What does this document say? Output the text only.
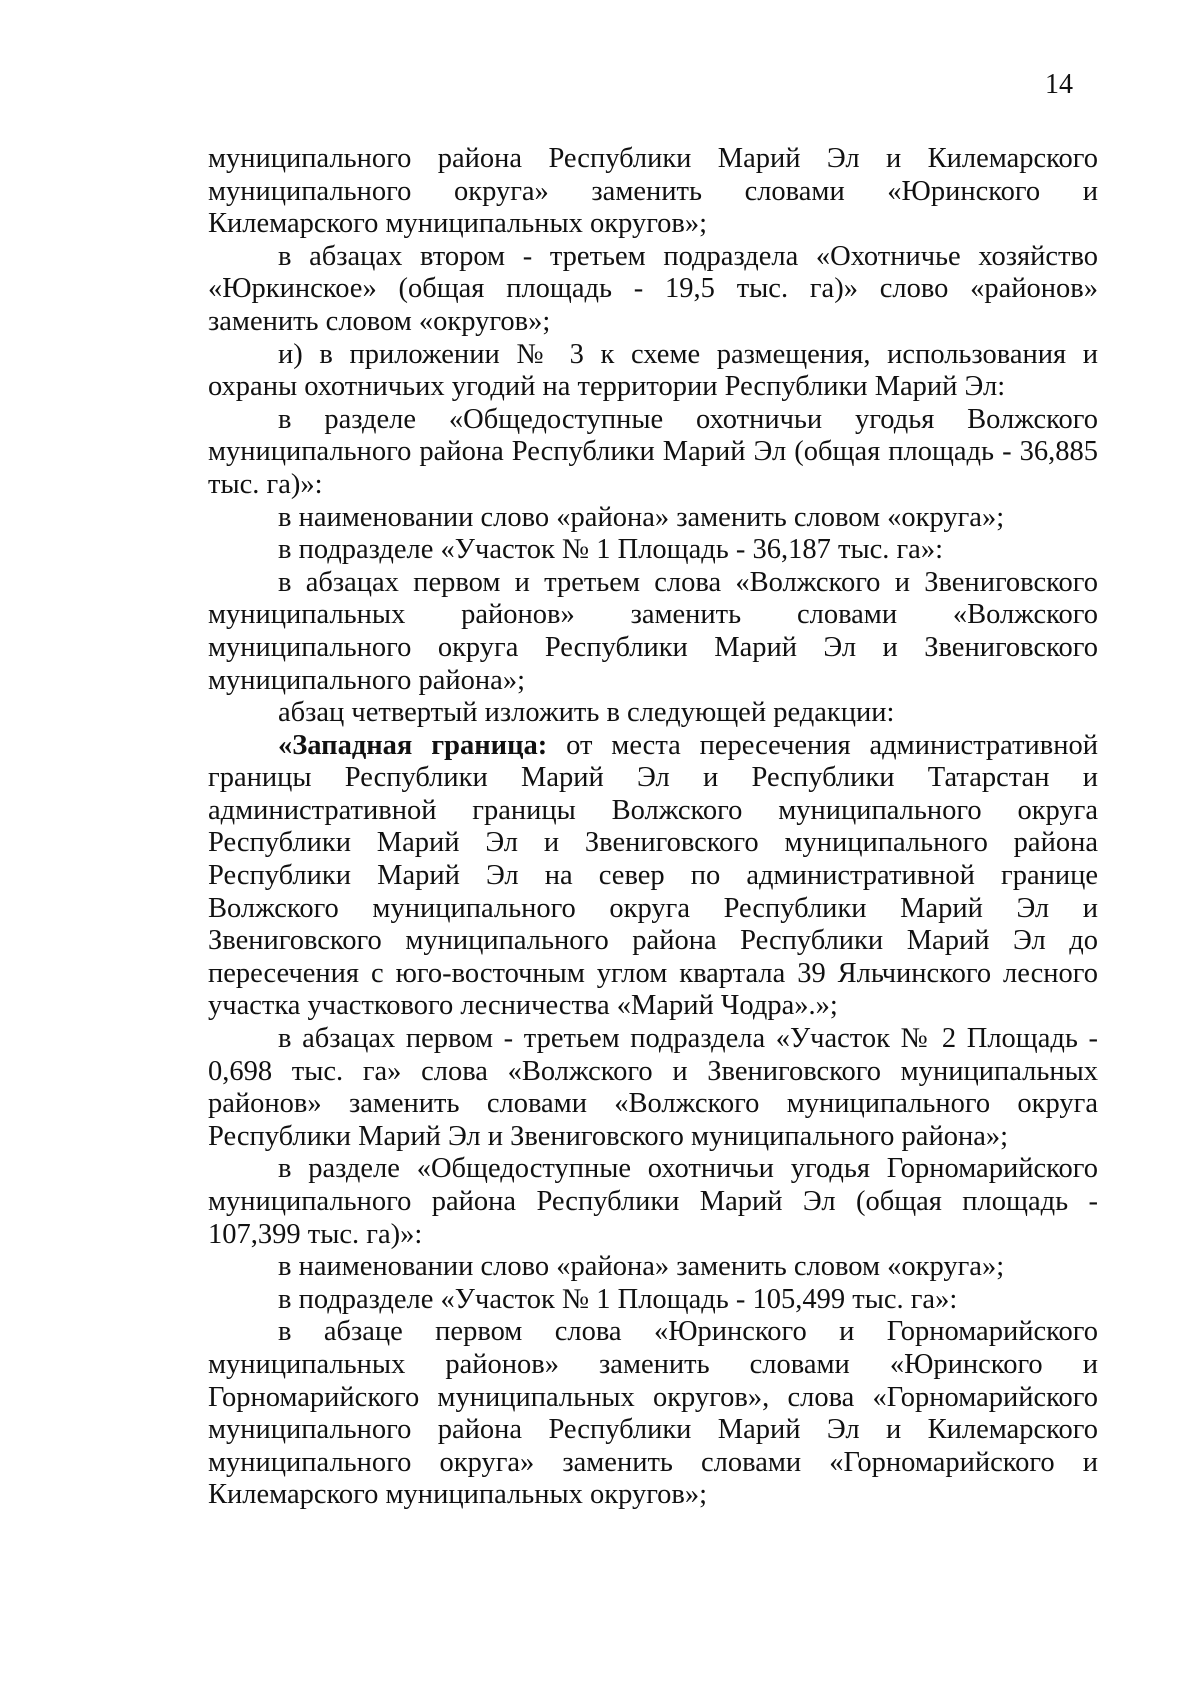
14

муниципального района Республики Марий Эл и Килемарского муниципального округа» заменить словами «Юринского и Килемарского муниципальных округов»;

в абзацах втором - третьем подраздела «Охотничье хозяйство «Юркинское» (общая площадь - 19,5 тыс. га)» слово «районов» заменить словом «округов»;

и) в приложении № 3 к схеме размещения, использования и охраны охотничьих угодий на территории Республики Марий Эл:

в разделе «Общедоступные охотничьи угодья Волжского муниципального района Республики Марий Эл (общая площадь - 36,885 тыс. га)»:

в наименовании слово «района» заменить словом «округа»;

в подразделе «Участок № 1 Площадь - 36,187 тыс. га»:

в абзацах первом и третьем слова «Волжского и Звениговского муниципальных районов» заменить словами «Волжского муниципального округа Республики Марий Эл и Звениговского муниципального района»;

абзац четвертый изложить в следующей редакции:

«Западная граница: от места пересечения административной границы Республики Марий Эл и Республики Татарстан и административной границы Волжского муниципального округа Республики Марий Эл и Звениговского муниципального района Республики Марий Эл на север по административной границе Волжского муниципального округа Республики Марий Эл и Звениговского муниципального района Республики Марий Эл до пересечения с юго-восточным углом квартала 39 Яльчинского лесного участка участкового лесничества «Марий Чодра».»;

в абзацах первом - третьем подраздела «Участок № 2 Площадь - 0,698 тыс. га» слова «Волжского и Звениговского муниципальных районов» заменить словами «Волжского муниципального округа Республики Марий Эл и Звениговского муниципального района»;

в разделе «Общедоступные охотничьи угодья Горномарийского муниципального района Республики Марий Эл (общая площадь - 107,399 тыс. га)»:

в наименовании слово «района» заменить словом «округа»;

в подразделе «Участок № 1 Площадь - 105,499 тыс. га»:

в абзаце первом слова «Юринского и Горномарийского муниципальных районов» заменить словами «Юринского и Горномарийского муниципальных округов», слова «Горномарийского муниципального района Республики Марий Эл и Килемарского муниципального округа» заменить словами «Горномарийского и Килемарского муниципальных округов»;
